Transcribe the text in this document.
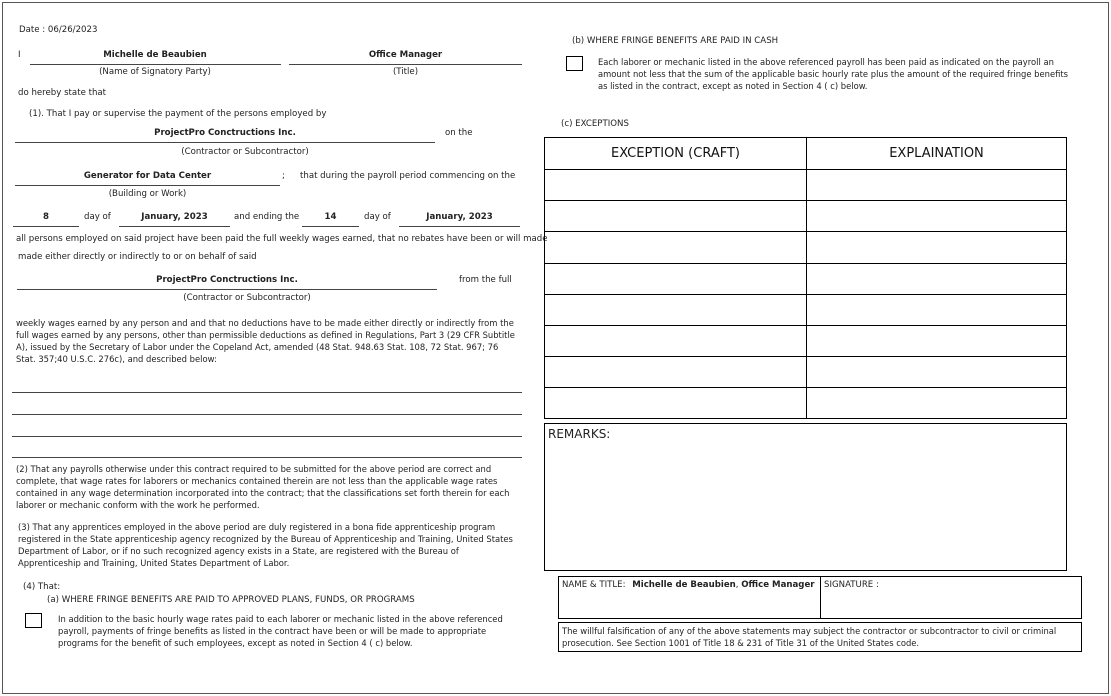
Date : 06/26/2023
I	Michelle de Beaubien
(Name of Signatory Party)
Office Manager
(Title)
do hereby state that
(1). That I pay or supervise the payment of the persons employed by
ProjectPro Conctructions Inc.	on the
(Contractor or Subcontractor)
Generator for Data Center	; that during the payroll period commencing on the
(Building or Work)
8	day of	January, 2023	and ending the	14	day of	January, 2023
all persons employed on said project have been paid the full weekly wages earned, that no rebates have been or will made
made either directly or indirectly to or on behalf of said
ProjectPro Conctructions Inc.	from the full
(Contractor or Subcontractor)
weekly wages earned by any person and and that no deductions have to be made either directly or indirectly from the full wages earned by any persons, other than permissible deductions as defined in Regulations, Part 3 (29 CFR Subtitle A), issued by the Secretary of Labor under the Copeland Act, amended (48 Stat. 948.63 Stat. 108, 72 Stat. 967; 76 Stat. 357;40 U.S.C. 276c), and described below:
(2) That any payrolls otherwise under this contract required to be submitted for the above period are correct and complete, that wage rates for laborers or mechanics contained therein are not less than the applicable wage rates contained in any wage determination incorporated into the contract; that the classifications set forth therein for each laborer or mechanic conform with the work he performed.
(3) That any apprentices employed in the above period are duly registered in a bona fide apprenticeship program registered in the State apprenticeship agency recognized by the Bureau of Apprenticeship and Training, United States Department of Labor, or if no such recognized agency exists in a State, are registered with the Bureau of Apprenticeship and Training, United States Department of Labor.
(4) That:
(a) WHERE FRINGE BENEFITS ARE PAID TO APPROVED PLANS, FUNDS, OR PROGRAMS
In addition to the basic hourly wage rates paid to each laborer or mechanic listed in the above referenced payroll, payments of fringe benefits as listed in the contract have been or will be made to appropriate programs for the benefit of such employees, except as noted in Section 4 ( c) below.
(b) WHERE FRINGE BENEFITS ARE PAID IN CASH
Each laborer or mechanic listed in the above referenced payroll has been paid as indicated on the payroll an amount not less that the sum of the applicable basic hourly rate plus the amount of the required fringe benefits as listed in the contract, except as noted in Section 4 ( c) below.
(c) EXCEPTIONS
EXCEPTION (CRAFT)	EXPLAINATION
REMARKS:
NAME & TITLE: Michelle de Beaubien, Office Manager SIGNATURE :
The willful falsification of any of the above statements may subject the contractor or subcontractor to civil or criminal prosecution. See Section 1001 of Title 18 & 231 of Title 31 of the United States code.
